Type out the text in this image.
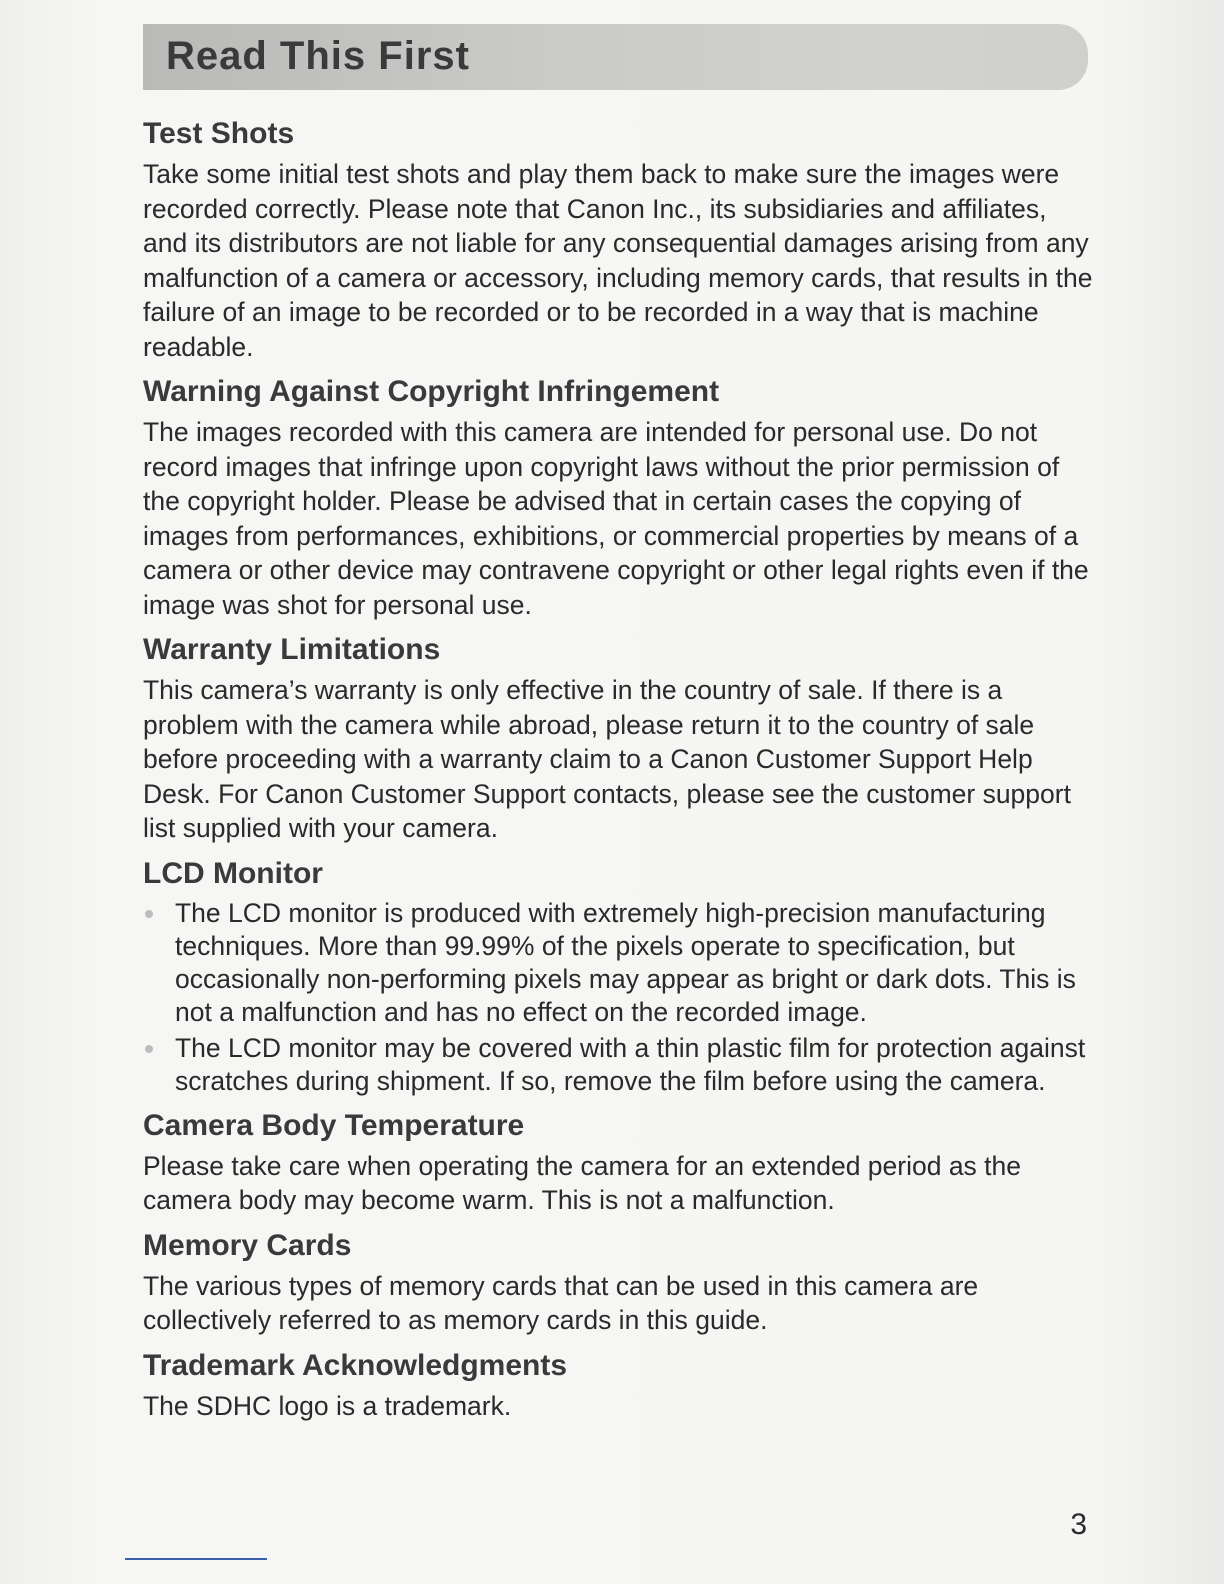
Read This First
Test Shots

Take some initial test shots and play them back to make sure the images were recorded correctly. Please note that Canon Inc., its subsidiaries and affiliates, and its distributors are not liable for any consequential damages arising from any malfunction of a camera or accessory, including memory cards, that results in the failure of an image to be recorded or to be recorded in a way that is machine readable.

Warning Against Copyright Infringement

The images recorded with this camera are intended for personal use. Do not record images that infringe upon copyright laws without the prior permission of the copyright holder. Please be advised that in certain cases the copying of images from performances, exhibitions, or commercial properties by means of a camera or other device may contravene copyright or other legal rights even if the image was shot for personal use.

Warranty Limitations

This camera’s warranty is only effective in the country of sale. If there is a problem with the camera while abroad, please return it to the country of sale before proceeding with a warranty claim to a Canon Customer Support Help Desk. For Canon Customer Support contacts, please see the customer support list supplied with your camera.

LCD Monitor
The LCD monitor is produced with extremely high-precision manufacturing techniques. More than 99.99% of the pixels operate to specification, but occasionally non-performing pixels may appear as bright or dark dots. This is not a malfunction and has no effect on the recorded image.
The LCD monitor may be covered with a thin plastic film for protection against scratches during shipment. If so, remove the film before using the camera.
Camera Body Temperature

Please take care when operating the camera for an extended period as the camera body may become warm. This is not a malfunction.

Memory Cards

The various types of memory cards that can be used in this camera are collectively referred to as memory cards in this guide.

Trademark Acknowledgments

The SDHC logo is a trademark.

3
